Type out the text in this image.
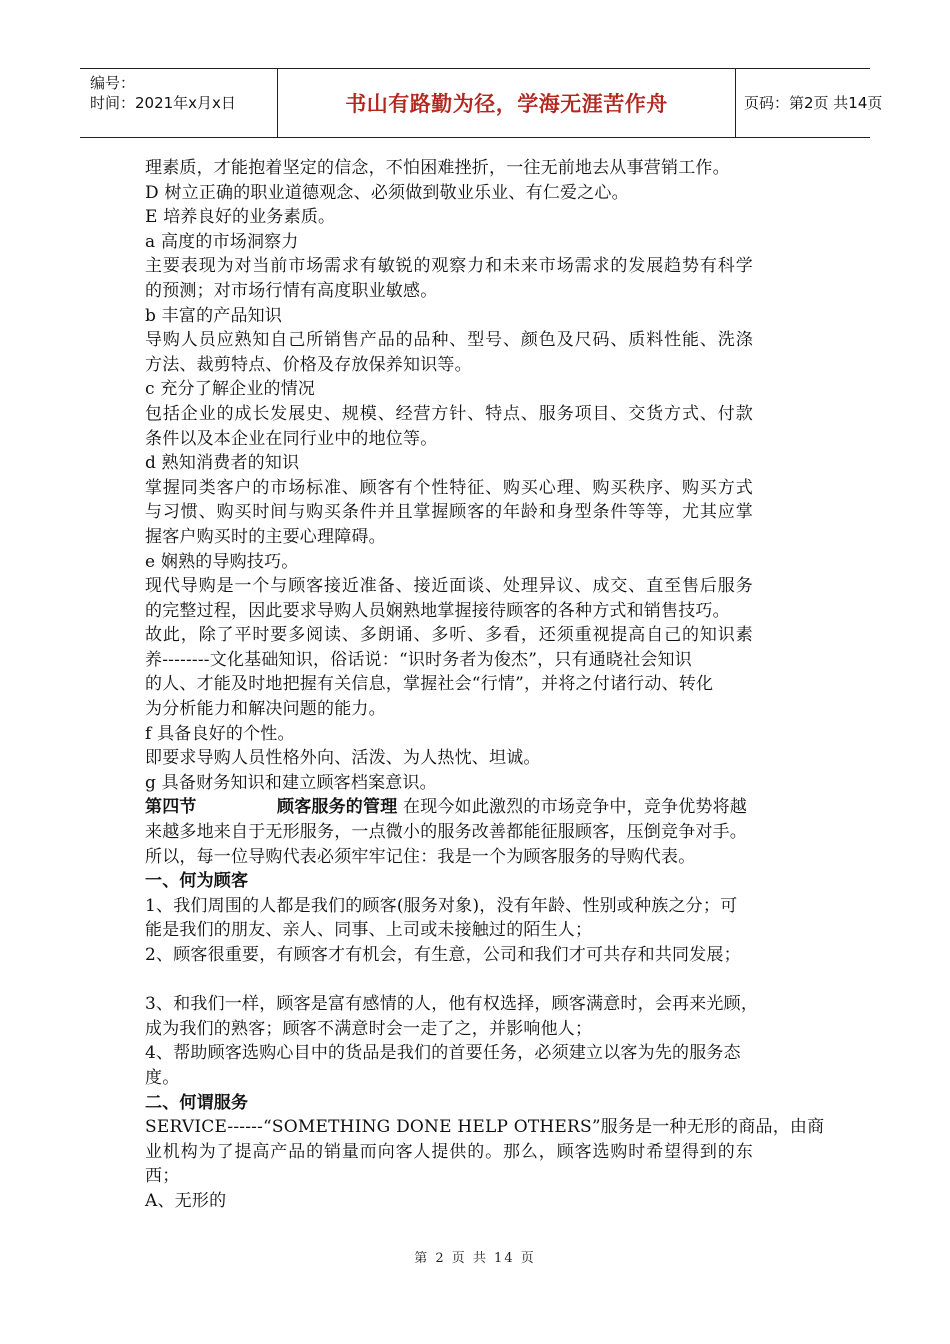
编号：
时间：2021年x月x日	书山有路勤为径，学海无涯苦作舟	页码：第2页 共14页
理素质，才能抱着坚定的信念，不怕困难挫折，一往无前地去从事营销工作。
D 树立正确的职业道德观念、必须做到敬业乐业、有仁爱之心。
E 培养良好的业务素质。
a 高度的市场洞察力
主要表现为对当前市场需求有敏锐的观察力和未来市场需求的发展趋势有科学
的预测；对市场行情有高度职业敏感。
b 丰富的产品知识
导购人员应熟知自己所销售产品的品种、型号、颜色及尺码、质料性能、洗涤
方法、裁剪特点、价格及存放保养知识等。
c 充分了解企业的情况
包括企业的成长发展史、规模、经营方针、特点、服务项目、交货方式、付款
条件以及本企业在同行业中的地位等。
d 熟知消费者的知识
掌握同类客户的市场标准、顾客有个性特征、购买心理、购买秩序、购买方式
与习惯、购买时间与购买条件并且掌握顾客的年龄和身型条件等等，尤其应掌
握客户购买时的主要心理障碍。
e 娴熟的导购技巧。
现代导购是一个与顾客接近准备、接近面谈、处理异议、成交、直至售后服务
的完整过程，因此要求导购人员娴熟地掌握接待顾客的各种方式和销售技巧。
故此，除了平时要多阅读、多朗诵、多听、多看，还须重视提高自己的知识素
养--------文化基础知识，俗话说：“识时务者为俊杰”，只有通晓社会知识
的人、才能及时地把握有关信息，掌握社会“行情”，并将之付诸行动、转化
为分析能力和解决问题的能力。
f 具备良好的个性。
即要求导购人员性格外向、活泼、为人热忱、坦诚。
g 具备财务知识和建立顾客档案意识。
第四节	顾客服务的管理 在现今如此激烈的市场竞争中，竞争优势将越
来越多地来自于无形服务，一点微小的服务改善都能征服顾客，压倒竞争对手。
所以，每一位导购代表必须牢牢记住：我是一个为顾客服务的导购代表。
一、何为顾客
1、我们周围的人都是我们的顾客(服务对象)，没有年龄、性别或种族之分；可
能是我们的朋友、亲人、同事、上司或未接触过的陌生人；
2、顾客很重要，有顾客才有机会，有生意，公司和我们才可共存和共同发展；
3、和我们一样，顾客是富有感情的人，他有权选择，顾客满意时，会再来光顾，
成为我们的熟客；顾客不满意时会一走了之，并影响他人；
4、帮助顾客选购心目中的货品是我们的首要任务，必须建立以客为先的服务态
度。
二、何谓服务
SERVICE------“SOMETHING DONE HELP OTHERS”服务是一种无形的商品，由商
业机构为了提高产品的销量而向客人提供的。那么，顾客选购时希望得到的东
西；
A、无形的
第 2 页 共 14 页
